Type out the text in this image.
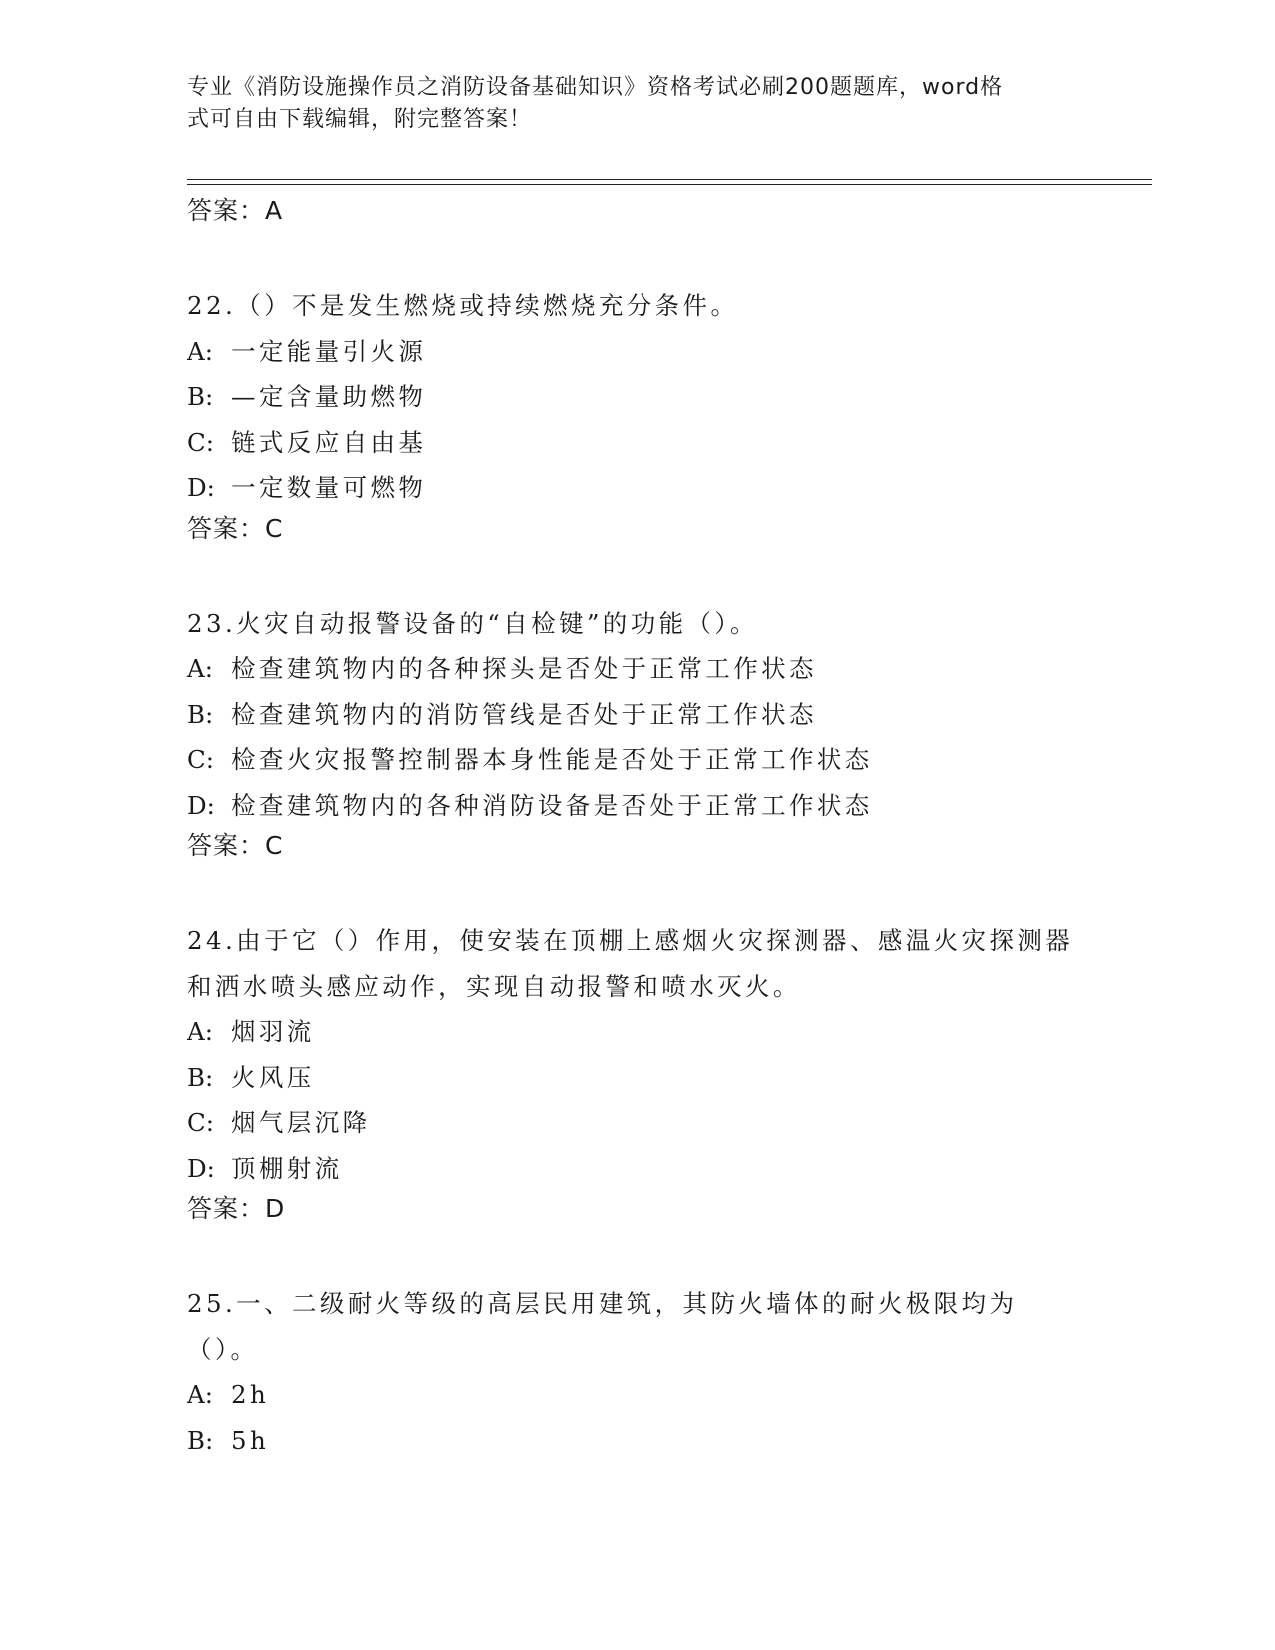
专业《消防设施操作员之消防设备基础知识》资格考试必刷200题题库，word格
式可自由下载编辑，附完整答案！
答案：A
22.（）不是发生燃烧或持续燃烧充分条件。
A: 一定能量引火源
B: —定含量助燃物
C: 链式反应自由基
D: 一定数量可燃物
答案：C
23.火灾自动报警设备的“自检键”的功能（）。
A: 检查建筑物内的各种探头是否处于正常工作状态
B: 检查建筑物内的消防管线是否处于正常工作状态
C: 检查火灾报警控制器本身性能是否处于正常工作状态
D: 检查建筑物内的各种消防设备是否处于正常工作状态
答案：C
24.由于它（）作用，使安装在顶棚上感烟火灾探测器、感温火灾探测器和洒水喷头感应动作，实现自动报警和喷水灭火。
A: 烟羽流
B: 火风压
C: 烟气层沉降
D: 顶棚射流
答案：D
25.一、二级耐火等级的高层民用建筑，其防火墙体的耐火极限均为（）。
A: 2h
B: 5h
